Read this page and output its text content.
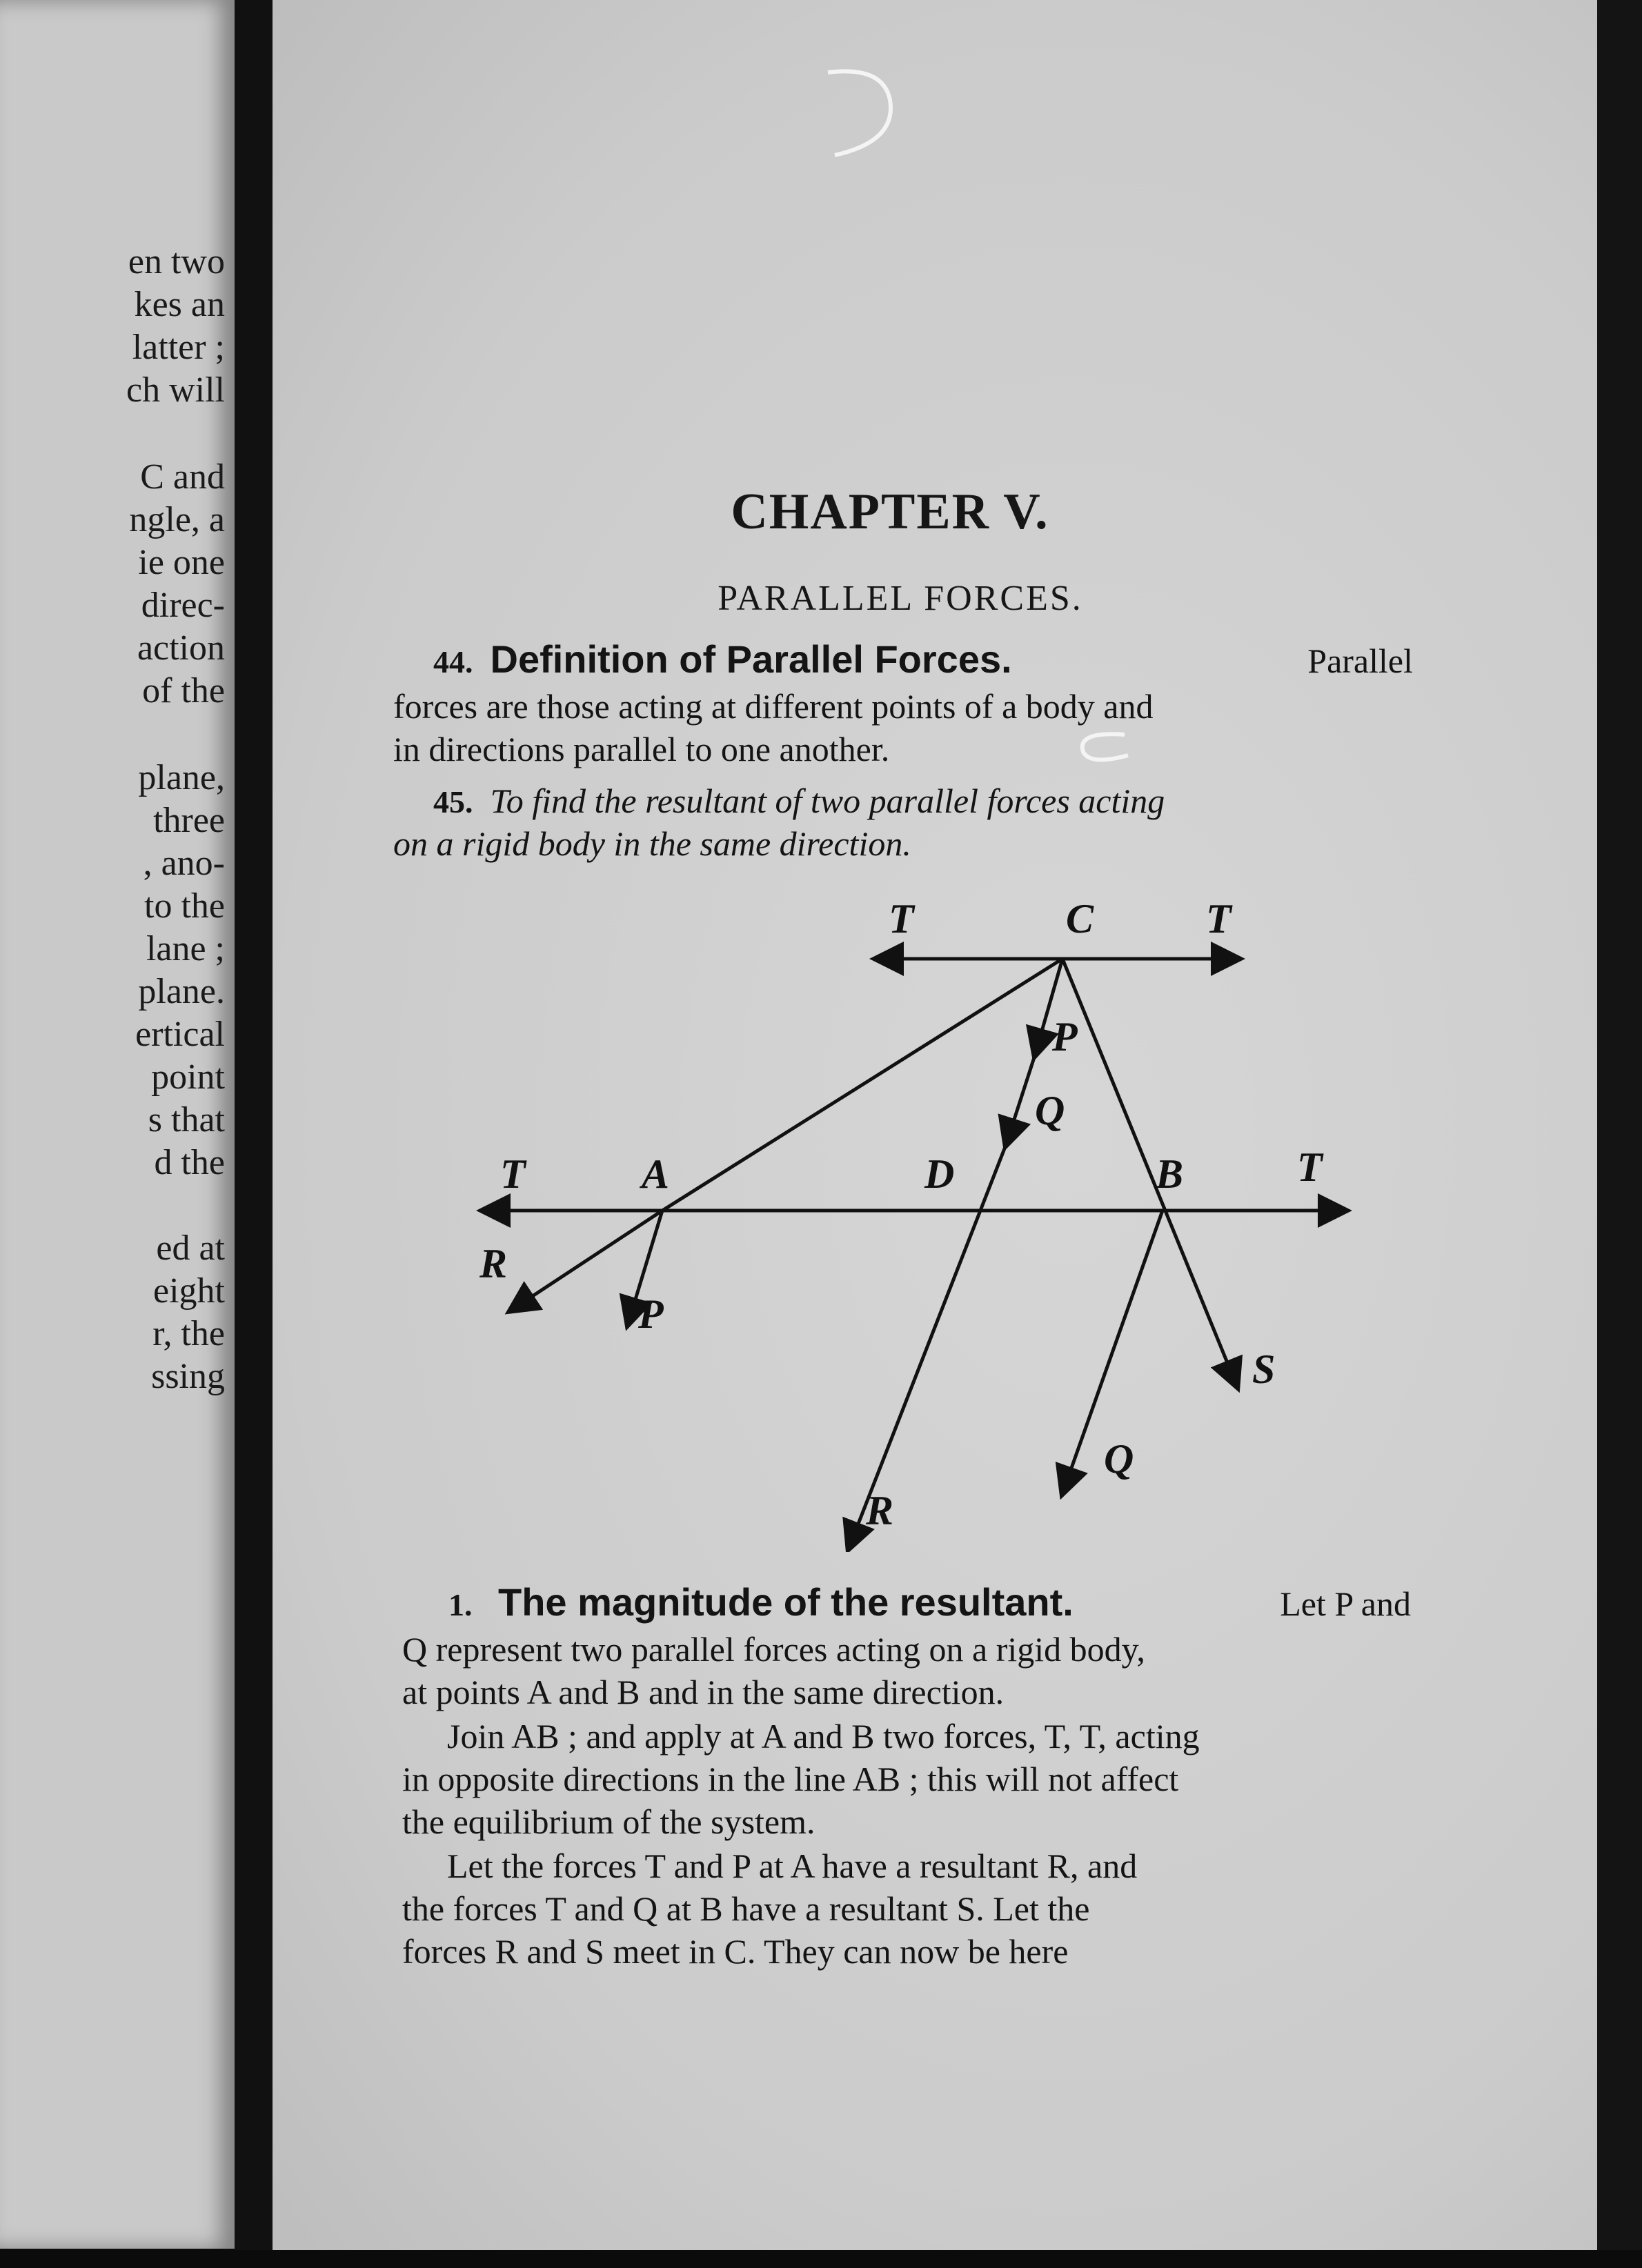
en two
kes an
latter ;
ch will
C and
ngle, a
ie one
direc-
action
of the
plane,
three
, ano-
to the
lane ;
plane.
ertical
point
s that
d the
ed at
eight
r, the
ssing
CHAPTER V.
PARALLEL FORCES.
44. Definition of Parallel Forces.	Parallel
forces are those acting at different points of a body and
in directions parallel to one another.
45. To find the resultant of two parallel forces acting
on a rigid body in the same direction.
T	C	T
P
Q
T	A	D	B	T
R
P
S
Q
R
1. The magnitude of the resultant.	Let P and
Q represent two parallel forces acting on a rigid body,
at points A and B and in the same direction.
Join AB ; and apply at A and B two forces, T, T, acting
in opposite directions in the line AB ; this will not affect
the equilibrium of the system.
Let the forces T and P at A have a resultant R, and
the forces T and Q at B have a resultant S. Let the
forces R and S meet in C. They can now be here
